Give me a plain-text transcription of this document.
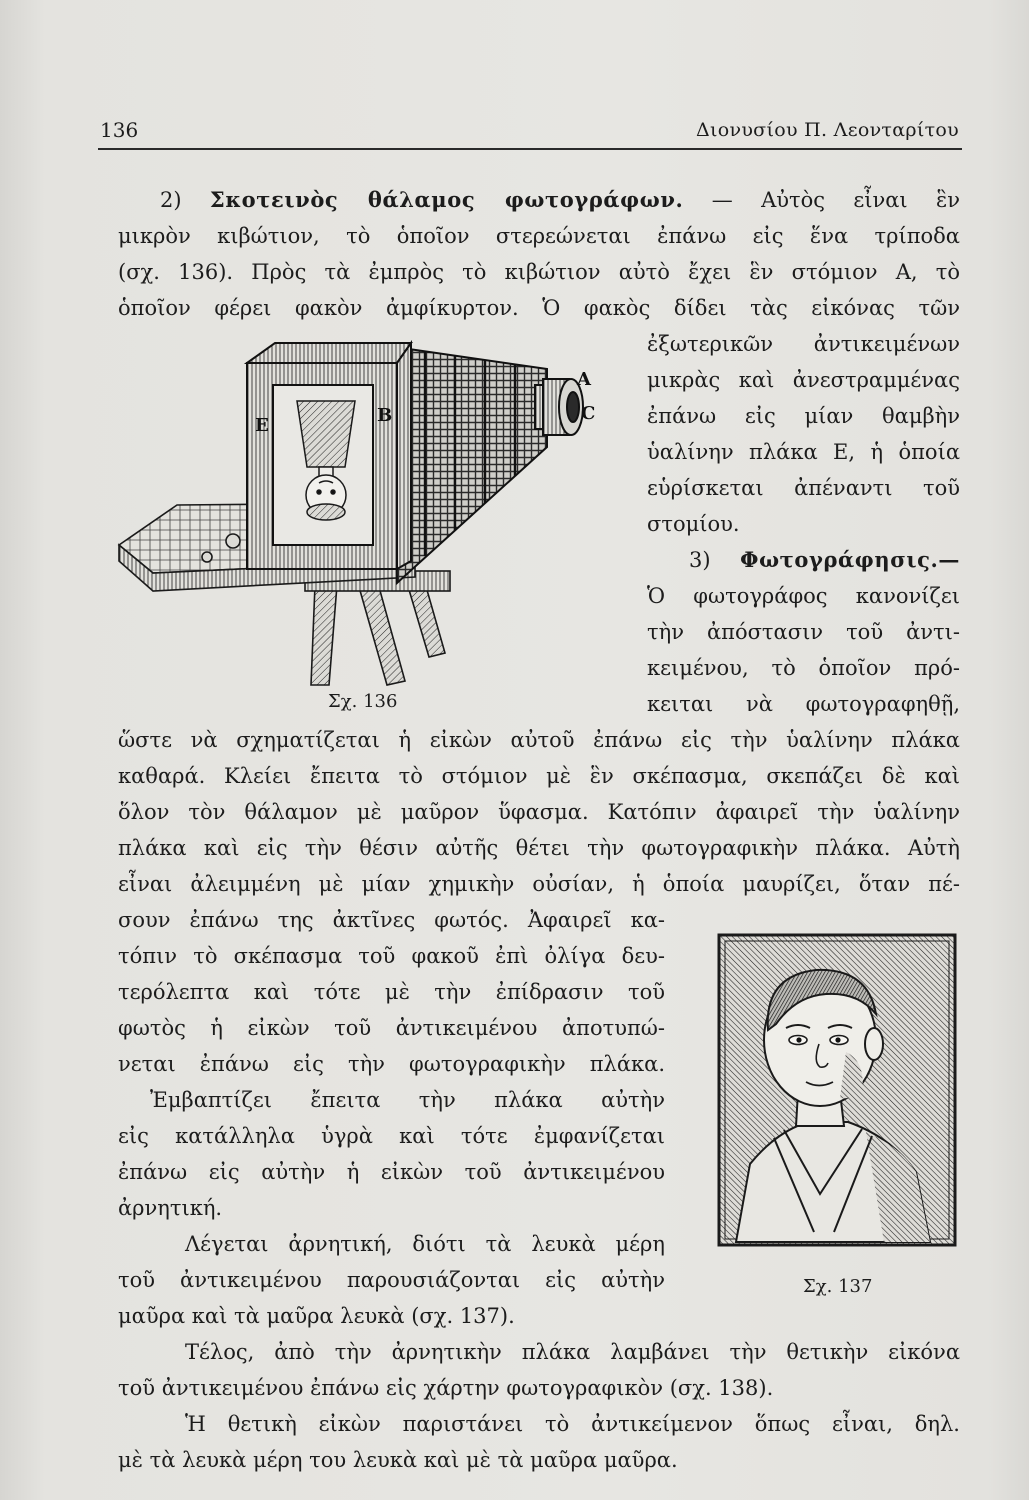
136	Διονυσίου Π. Λεονταρίτου
2) Σκοτεινὸς θάλαμος φωτογράφων. — Αὐτὸς εἶναι ἓν
μικρὸν κιβώτιον, τὸ ὁποῖον στερεώνεται ἐπάνω εἰς ἕνα τρίποδα
(σχ. 136). Πρὸς τὰ ἐμπρὸς τὸ κιβώτιον αὐτὸ ἔχει ἓν στόμιον Α, τὸ
ὁποῖον φέρει φακὸν ἀμφίκυρτον. Ὁ φακὸς δίδει τὰς εἰκόνας τῶν
ἐξωτερικῶν ἀντικειμένων
μικρὰς καὶ ἀνεστραμμένας
ἐπάνω εἰς μίαν θαμβὴν
ὑαλίνην πλάκα Ε, ἡ ὁποία
εὑρίσκεται ἀπέναντι τοῦ
στομίου.
3) Φωτογράφησις.—
Ὁ φωτογράφος κανονίζει
τὴν ἀπόστασιν τοῦ ἀντι-
κειμένου, τὸ ὁποῖον πρό-
κειται νὰ φωτογραφηθῇ,
ὥστε νὰ σχηματίζεται ἡ εἰκὼν αὐτοῦ ἐπάνω εἰς τὴν ὑαλίνην πλάκα
καθαρά. Κλείει ἔπειτα τὸ στόμιον μὲ ἓν σκέπασμα, σκεπάζει δὲ καὶ
ὅλον τὸν θάλαμον μὲ μαῦρον ὕφασμα. Κατόπιν ἀφαιρεῖ τὴν ὑαλίνην
πλάκα καὶ εἰς τὴν θέσιν αὐτῆς θέτει τὴν φωτογραφικὴν πλάκα. Αὐτὴ
εἶναι ἀλειμμένη μὲ μίαν χημικὴν οὐσίαν, ἡ ὁποία μαυρίζει, ὅταν πέ-
σουν ἐπάνω της ἀκτῖνες φωτός. Ἀφαιρεῖ κα-
τόπιν τὸ σκέπασμα τοῦ φακοῦ ἐπὶ ὀλίγα δευ-
τερόλεπτα καὶ τότε μὲ τὴν ἐπίδρασιν τοῦ
φωτὸς ἡ εἰκὼν τοῦ ἀντικειμένου ἀποτυπώ-
νεται ἐπάνω εἰς τὴν φωτογραφικὴν πλάκα.
Ἐμβαπτίζει ἔπειτα τὴν πλάκα αὐτὴν
εἰς κατάλληλα ὑγρὰ καὶ τότε ἐμφανίζεται
ἐπάνω εἰς αὐτὴν ἡ εἰκὼν τοῦ ἀντικειμένου
ἀρνητική.
Λέγεται ἀρνητική, διότι τὰ λευκὰ μέρη
τοῦ ἀντικειμένου παρουσιάζονται εἰς αὐτὴν
μαῦρα καὶ τὰ μαῦρα λευκὰ (σχ. 137).
Τέλος, ἀπὸ τὴν ἀρνητικὴν πλάκα λαμβάνει τὴν θετικὴν εἰκόνα
τοῦ ἀντικειμένου ἐπάνω εἰς χάρτην φωτογραφικὸν (σχ. 138).
Ἡ θετικὴ εἰκὼν παριστάνει τὸ ἀντικείμενον ὅπως εἶναι, δηλ.
μὲ τὰ λευκὰ μέρη του λευκὰ καὶ μὲ τὰ μαῦρα μαῦρα.
Α
C
Β
Ε
Σχ. 136
Σχ. 137
